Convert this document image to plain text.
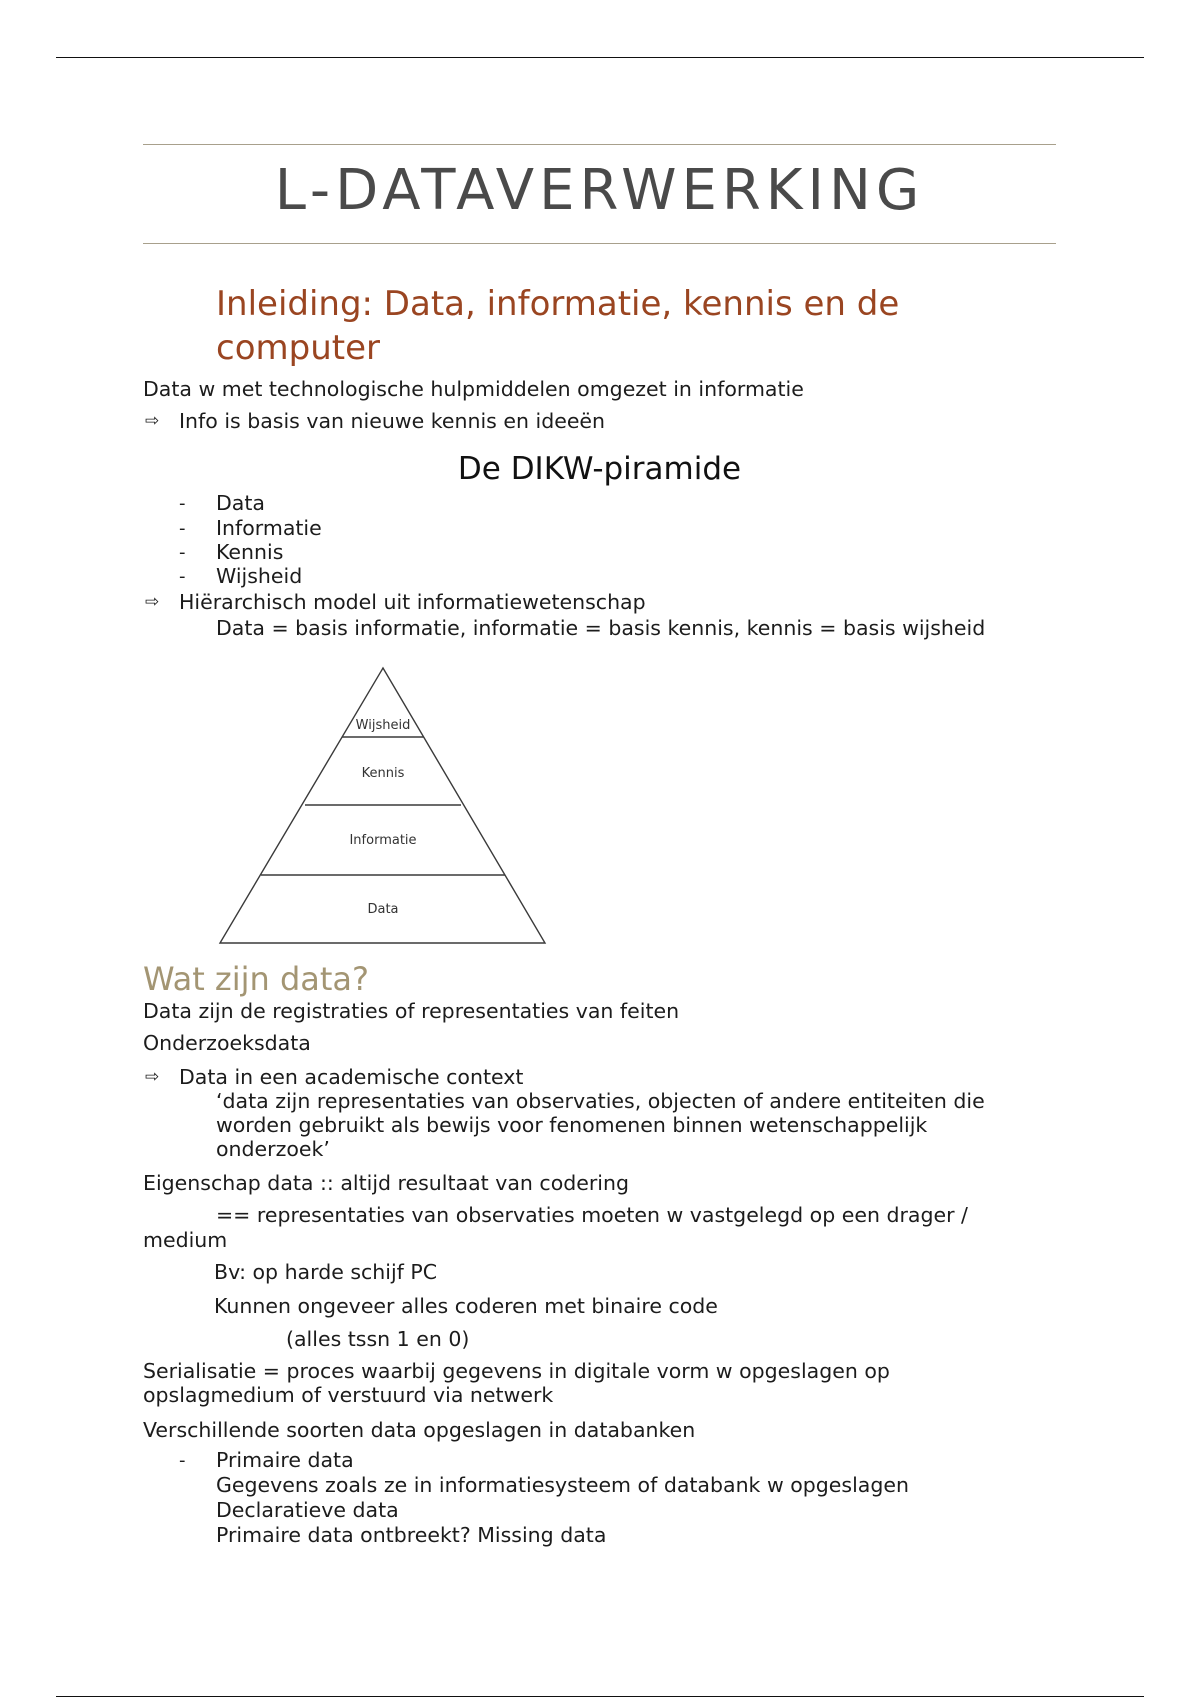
L-DATAVERWERKING
Inleiding: Data, informatie, kennis en de
computer

Data w met technologische hulpmiddelen omgezet in informatie

⇨ Info is basis van nieuwe kennis en ideeën

De DIKW-piramide
- Data

- Informatie

- Kennis

- Wijsheid

⇨ Hiërarchisch model uit informatiewetenschap

Data = basis informatie, informatie = basis kennis, kennis = basis wijsheid

Wijsheid
Kennis
Informatie
Data
Wat zijn data?

Data zijn de registraties of representaties van feiten

Onderzoeksdata

⇨ Data in een academische context

‘data zijn representaties van observaties, objecten of andere entiteiten die

worden gebruikt als bewijs voor fenomenen binnen wetenschappelijk

onderzoek’

Eigenschap data :: altijd resultaat van codering

== representaties van observaties moeten w vastgelegd op een drager /

medium

Bv: op harde schijf PC

Kunnen ongeveer alles coderen met binaire code

(alles tssn 1 en 0)

Serialisatie = proces waarbij gegevens in digitale vorm w opgeslagen op

opslagmedium of verstuurd via netwerk

Verschillende soorten data opgeslagen in databanken

- Primaire data

Gegevens zoals ze in informatiesysteem of databank w opgeslagen

Declaratieve data

Primaire data ontbreekt? Missing data
